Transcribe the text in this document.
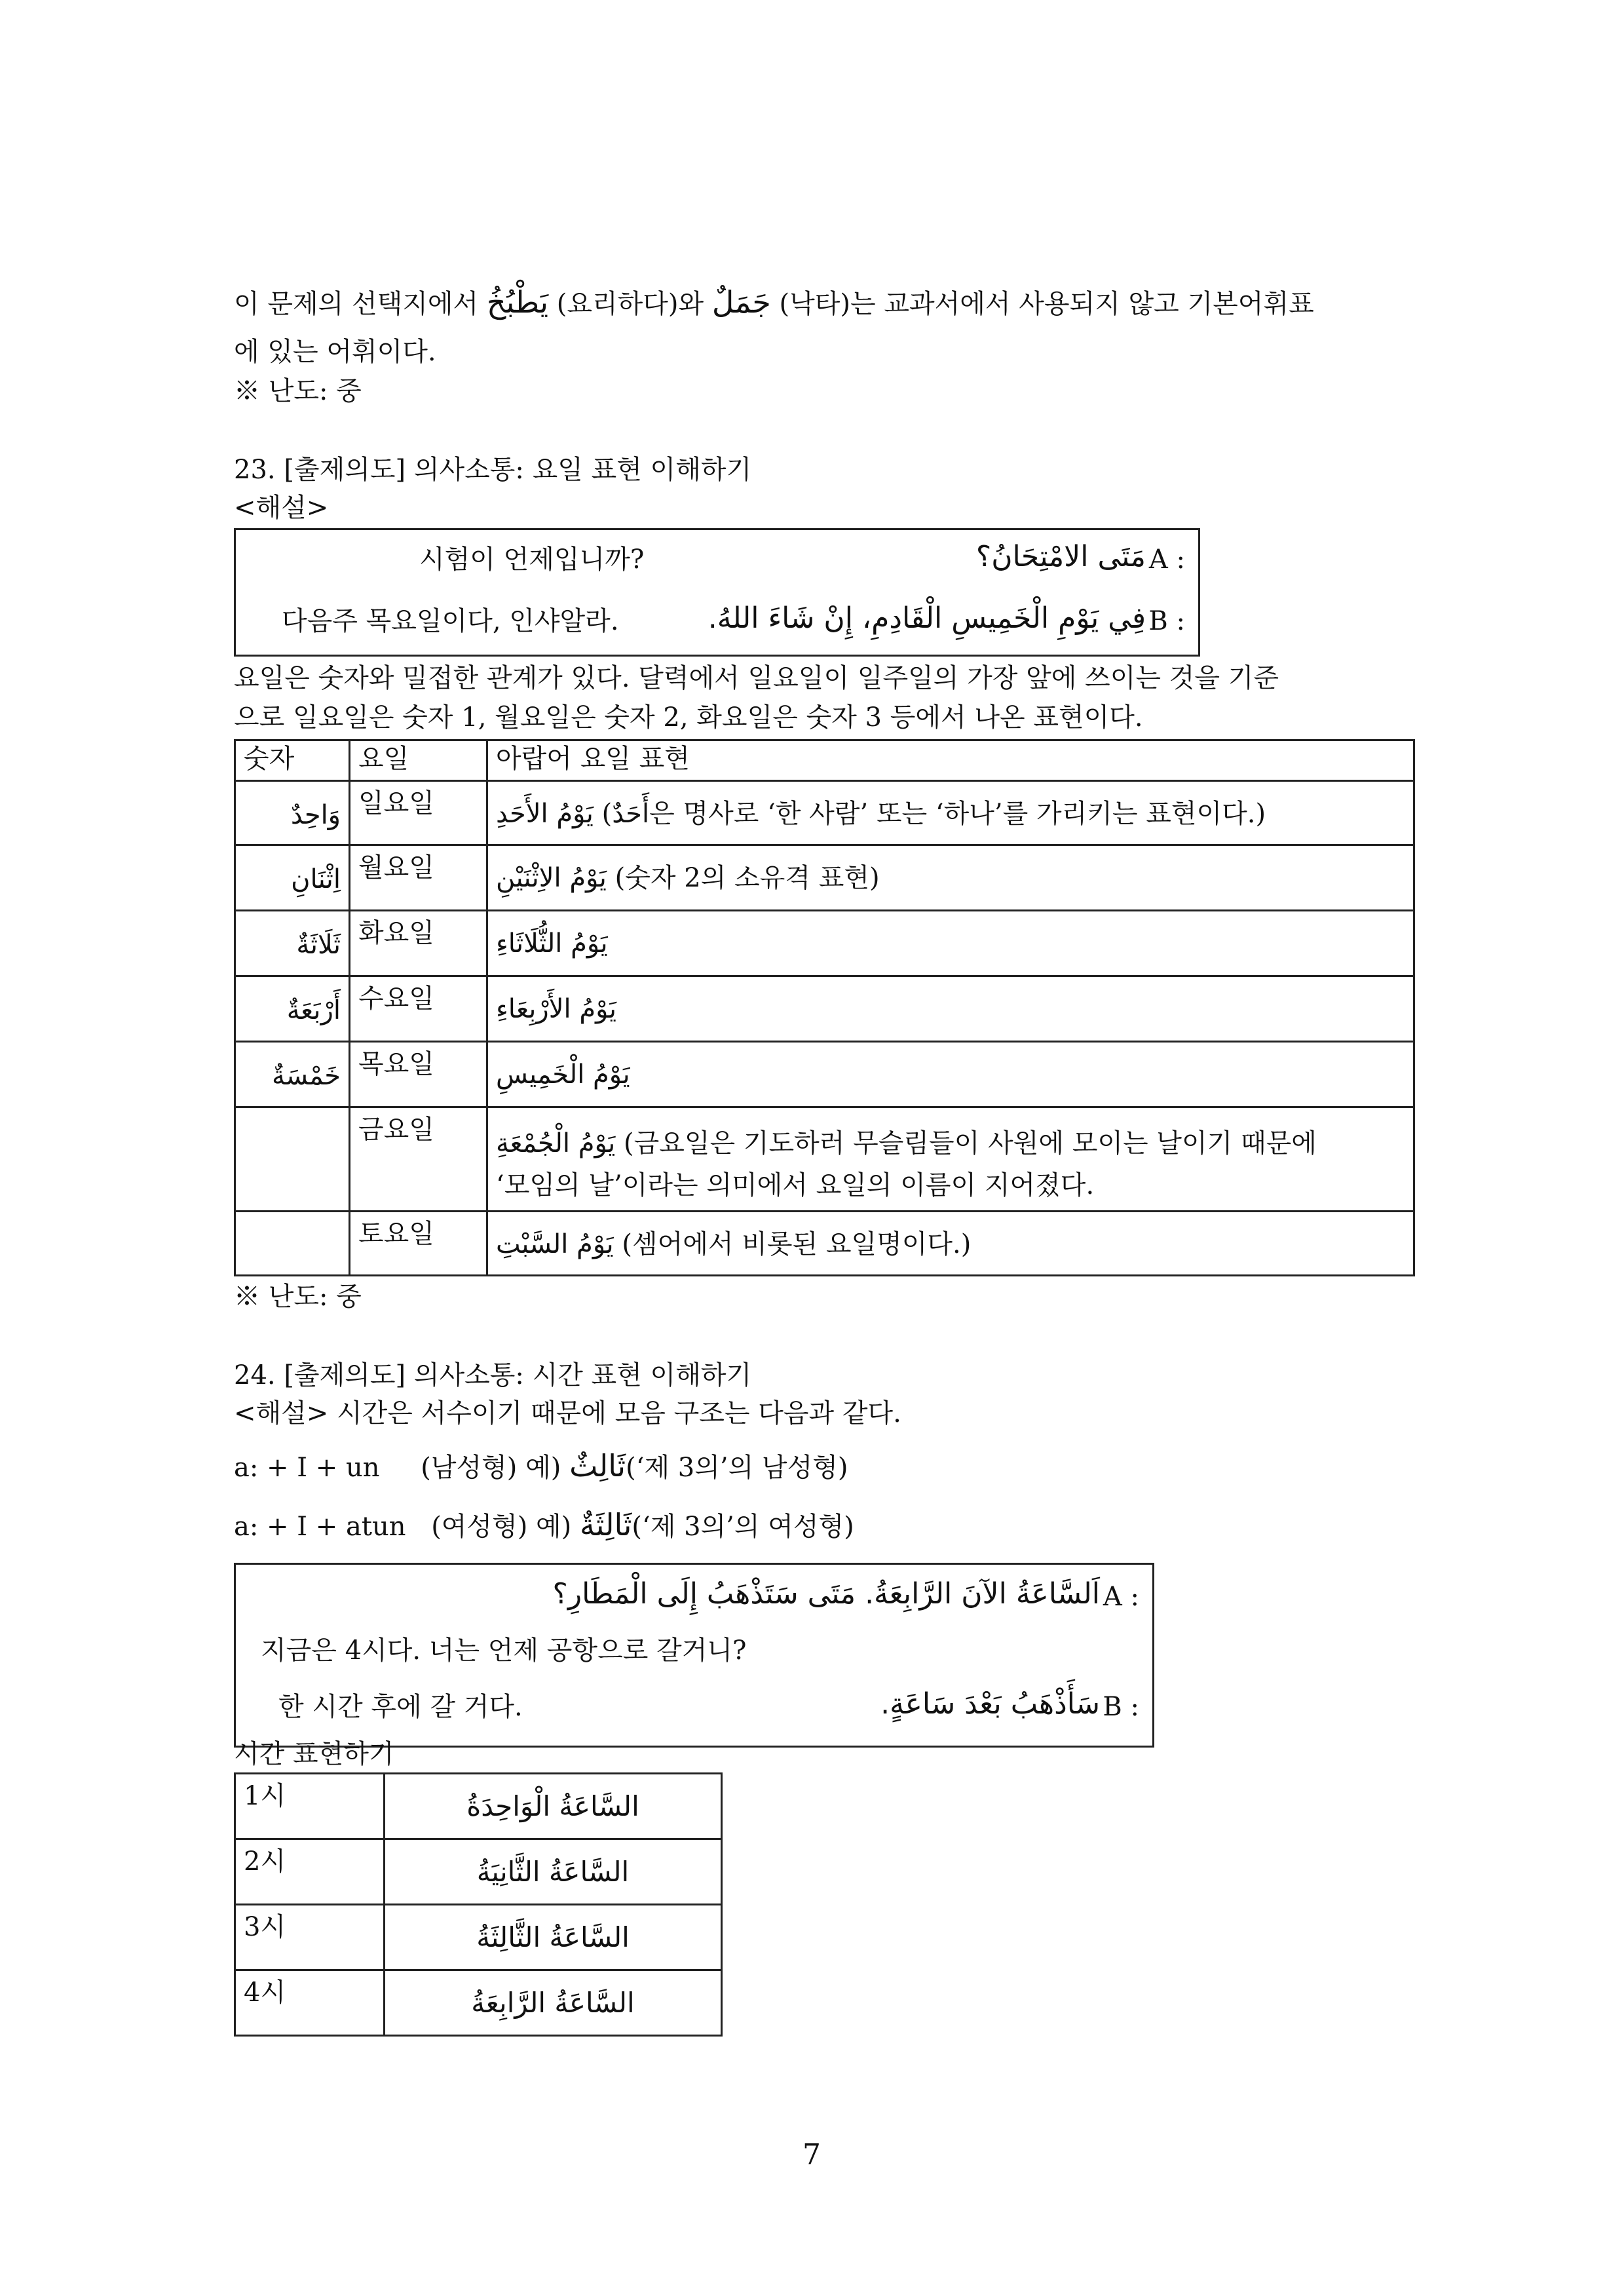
이 문제의 선택지에서 يَطْبُخُ (요리하다)와 جَمَلٌ (낙타)는 교과서에서 사용되지 않고 기본어휘표
에 있는 어휘이다.
※ 난도: 중
23. [출제의도] 의사소통: 요일 표현 이해하기
<해설>
시험이 언제입니까?	: A
مَتَى الامْتِحَانُ؟
다음주 목요일이다, 인샤알라.	: B
فِي يَوْمِ الْخَمِيسِ الْقَادِمِ، إِنْ شَاءَ اللهُ.
요일은 숫자와 밀접한 관계가 있다. 달력에서 일요일이 일주일의 가장 앞에 쓰이는 것을 기준
으로 일요일은 숫자 1, 월요일은 숫자 2, 화요일은 숫자 3 등에서 나온 표현이다.
숫자	요일	아랍어 요일 표현
وَاحِدٌ	일요일	يَوْمُ الأَحَدِ (أَحَدٌ은 명사로 ‘한 사람’ 또는 ‘하나’를 가리키는 표현이다.)
اِثْنَانِ	월요일	يَوْمُ الاِثْنَيْنِ (숫자 2의 소유격 표현)
ثَلَاثَةٌ	화요일	يَوْمُ الثُّلَاثَاءِ
أَرْبَعَةٌ	수요일	يَوْمُ الأَرْبِعَاءِ
خَمْسَةٌ	목요일	يَوْمُ الْخَمِيسِ
	금요일	يَوْمُ الْجُمْعَةِ (금요일은 기도하러 무슬림들이 사원에 모이는 날이기 때문에
‘모임의 날’이라는 의미에서 요일의 이름이 지어졌다.
	토요일	يَوْمُ السَّبْتِ (셈어에서 비롯된 요일명이다.)
※ 난도: 중
24. [출제의도] 의사소통: 시간 표현 이해하기
<해설> 시간은 서수이기 때문에 모음 구조는 다음과 같다.
a: + I + un (남성형) 예) ثَالِثٌ(‘제 3의’의 남성형)
a: + I + atun (여성형) 예) ثَالِثَةٌ(‘제 3의’의 여성형)
: A
اَلسَّاعَةُ الآنَ الرَّابِعَةُ. مَتَى سَتَذْهَبُ إِلَى الْمَطَارِ؟
지금은 4시다. 너는 언제 공항으로 갈거니?
한 시간 후에 갈 거다.	: B
سَأَذْهَبُ بَعْدَ سَاعَةٍ.
시간 표현하기
1시	السَّاعَةُ الْوَاحِدَةُ
2시	السَّاعَةُ الثَّانِيَةُ
3시	السَّاعَةُ الثَّالِثَةُ
4시	السَّاعَةُ الرَّابِعَةُ
7
